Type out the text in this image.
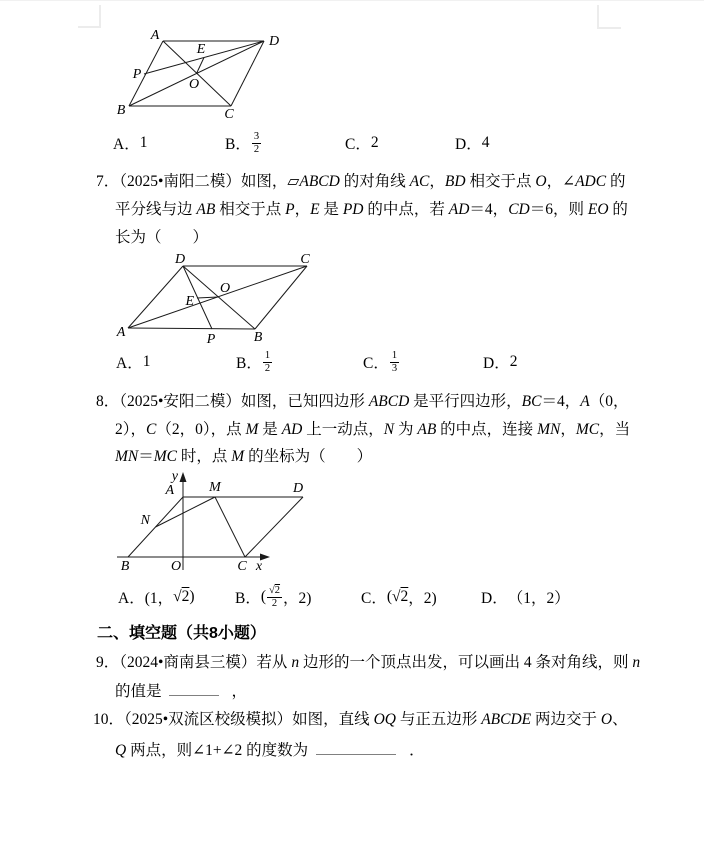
A	D
B	C
P
E
O
A． 1	B． $\frac{3}{2}$	C． 2	D． 4
7．（2025•南阳二模）如图，▱ABCD 的对角线 AC，BD 相交于点 O，∠ADC 的
平分线与边 AB 相交于点 P，E 是 PD 的中点，若 AD＝4，CD＝6，则 EO 的
长为（　　）
D	C
A	B
P
O
E
A． 1	B． $\frac{1}{2}$	C． $\frac{1}{3}$	D． 2
8．（2025•安阳二模）如图，已知四边形 ABCD 是平行四边形，BC＝4，A（0，
2），C（2，0），点 M 是 AD 上一动点，N 为 AB 的中点，连接 MN，MC，当
MN＝MC 时，点 M 的坐标为（　　）
y
A	M	D
N
B	O	C x
A． (1， √ 2 )	B． ( $\frac{√2}{2}$ ，2)	C． ( √ 2 ，2)	D． （1，2）
二、填空题（共8小题）
9．（2024•商南县三模）若从 n 边形的一个顶点出发，可以画出 4 条对角线，则 n
的值是	，
10．（2025•双流区校级模拟）如图，直线 OQ 与正五边形 ABCDE 两边交于 O、
Q 两点，则∠1+∠2 的度数为	．
